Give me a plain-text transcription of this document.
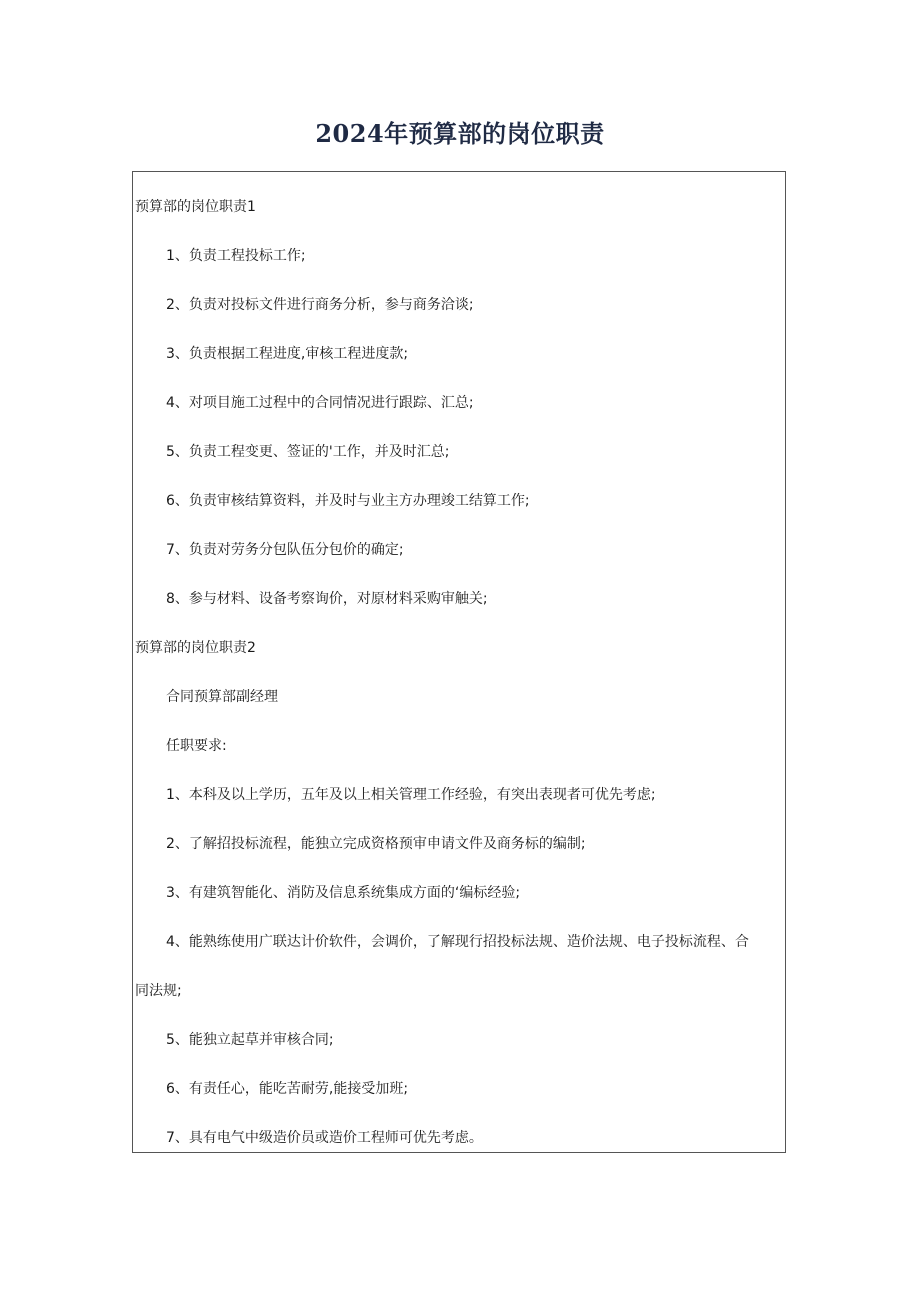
2024年预算部的岗位职责
预算部的岗位职责1
1、负责工程投标工作;
2、负责对投标文件进行商务分析，参与商务洽谈;
3、负责根据工程进度,审核工程进度款;
4、对项目施工过程中的合同情况进行跟踪、汇总;
5、负责工程变更、签证的'工作，并及时汇总;
6、负责审核结算资料，并及时与业主方办理竣工结算工作;
7、负责对劳务分包队伍分包价的确定;
8、参与材料、设备考察询价，对原材料采购审触关;
预算部的岗位职责2
合同预算部副经理
任职要求:
1、本科及以上学历，五年及以上相关管理工作经验，有突出表现者可优先考虑;
2、了解招投标流程，能独立完成资格预审申请文件及商务标的编制;
3、有建筑智能化、消防及信息系统集成方面的‘编标经验;
4、能熟练使用广联达计价软件，会调价，了解现行招投标法规、造价法规、电子投标流程、合
同法规;
5、能独立起草并审核合同;
6、有责任心，能吃苦耐劳,能接受加班;
7、具有电气中级造价员或造价工程师可优先考虑。
